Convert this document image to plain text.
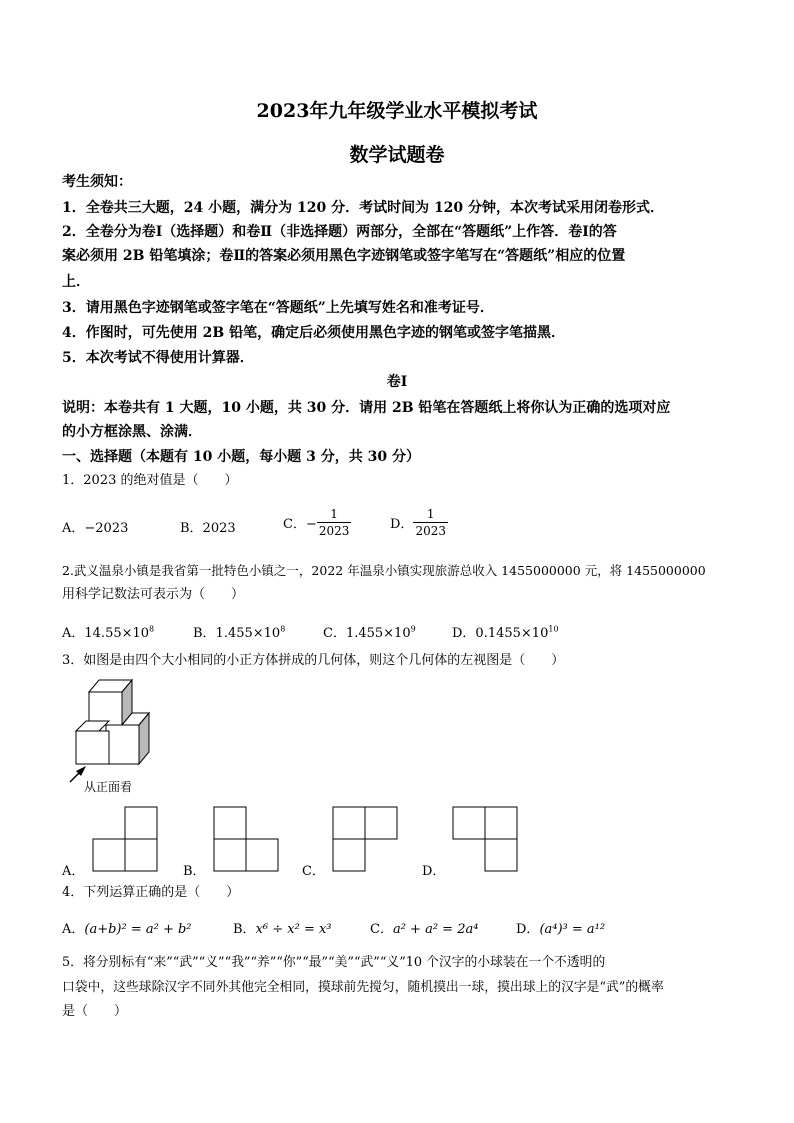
2023年九年级学业水平模拟考试
数学试题卷
考生须知：
1．全卷共三大题，24 小题，满分为 120 分．考试时间为 120 分钟，本次考试采用闭卷形式．
2．全卷分为卷Ⅰ（选择题）和卷Ⅱ（非选择题）两部分，全部在“答题纸”上作答．卷Ⅰ的答
案必须用 2B 铅笔填涂；卷Ⅱ的答案必须用黑色字迹钢笔或签字笔写在“答题纸”相应的位置
上．
3．请用黑色字迹钢笔或签字笔在“答题纸”上先填写姓名和准考证号．
4．作图时，可先使用 2B 铅笔，确定后必须使用黑色字迹的钢笔或签字笔描黑．
5．本次考试不得使用计算器．
卷Ⅰ
说明：本卷共有 1 大题，10 小题，共 30 分．请用 2B 铅笔在答题纸上将你认为正确的选项对应
的小方框涂黑、涂满．
一、选择题（本题有 10 小题，每小题 3 分，共 30 分）
1．2023 的绝对值是（　　）
A．−2023	B．2023	C．− $\frac{1}{2023}$	D． $\frac{1}{2023}$
2.武义温泉小镇是我省第一批特色小镇之一，2022 年温泉小镇实现旅游总收入 1455000000 元，将 1455000000
用科学记数法可表示为（　　）
A．$14.55\times 10^8$	B．$1.455\times 10^8$	C．$1.455\times 10^9$	D．$0.1455\times 10^{10}$
3．如图是由四个大小相同的小正方体拼成的几何体，则这个几何体的左视图是（　　）
从正面看
A．	B．	C．	D．
4．下列运算正确的是（　　）
A．(a+b)² = a² + b²	B．x⁶ ÷ x² = x³	C．a² + a² = 2a⁴	D．(a⁴)³ = a¹²
5．将分别标有“来”“武”“义”“我”“养”“你”“最”“美”“武”“义”10 个汉字的小球装在一个不透明的
口袋中，这些球除汉字不同外其他完全相同，摸球前先搅匀，随机摸出一球，摸出球上的汉字是“武”的概率
是（　　）
